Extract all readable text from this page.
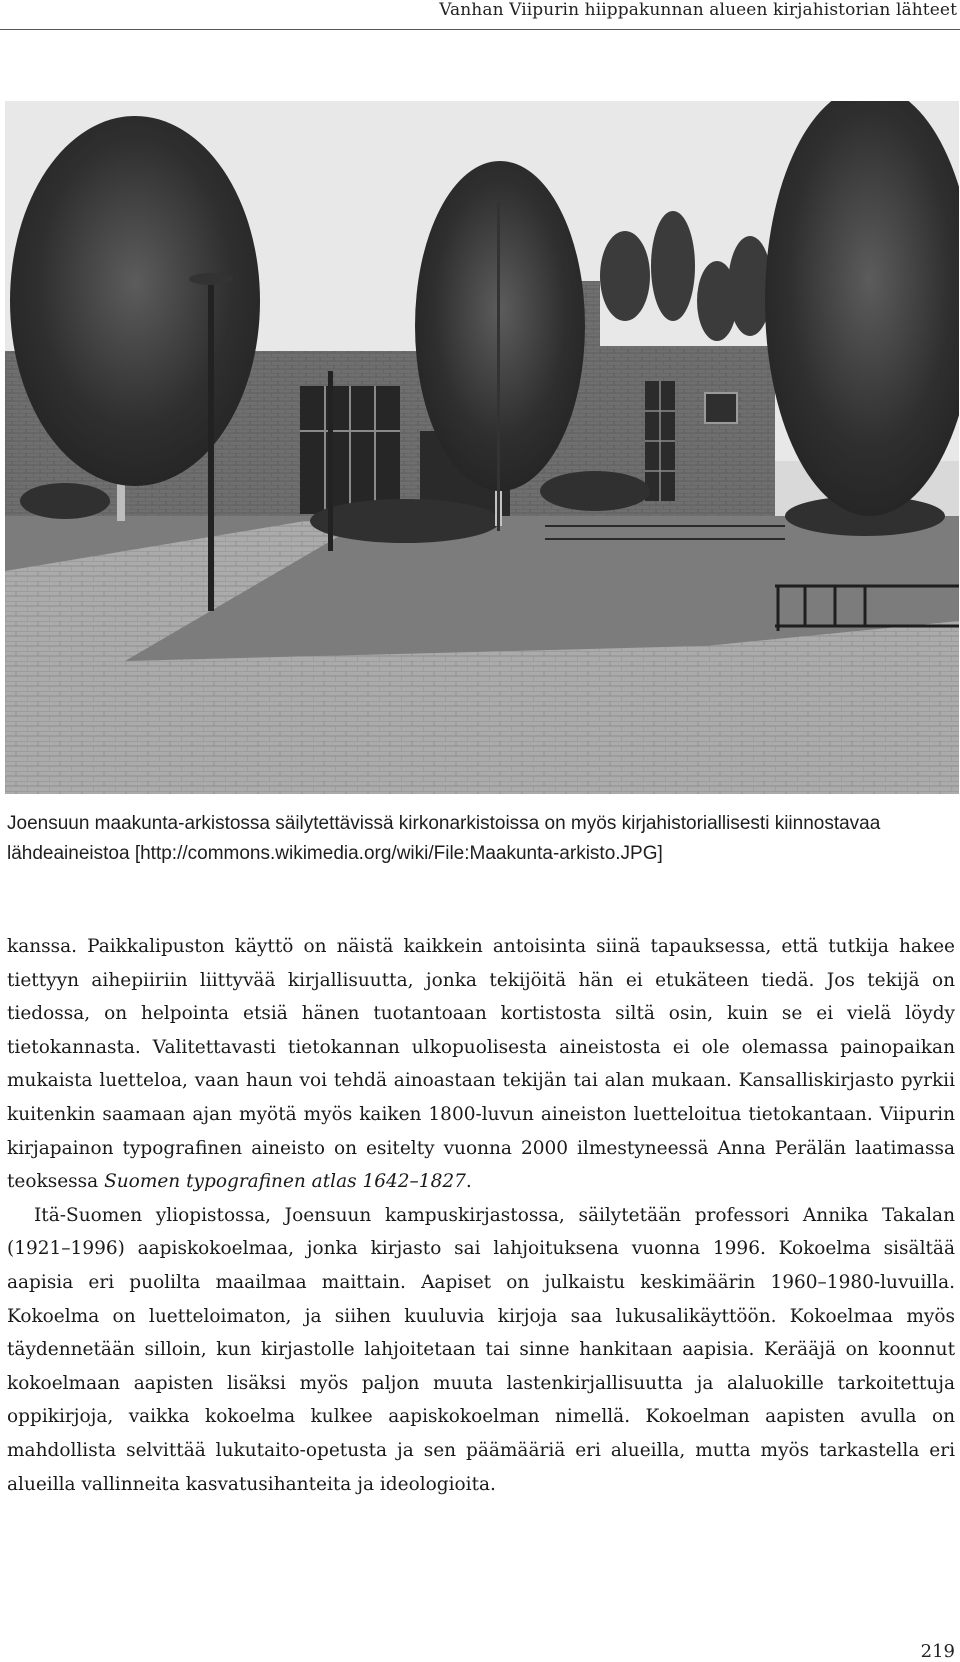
Vanhan Viipurin hiippakunnan alueen kirjahistorian lähteet

Joensuun maakunta-arkistossa säilytettävissä kirkonarkistoissa on myös kirjahistoriallisesti kiinnostavaa lähdeaineistoa [http://commons.wikimedia.org/wiki/File:Maakunta-arkisto.JPG]

kanssa. Paikkalipuston käyttö on näistä kaikkein antoisinta siinä tapauksessa, että tutkija hakee tiettyyn aihepiiriin liittyvää kirjallisuutta, jonka tekijöitä hän ei etukäteen tiedä. Jos tekijä on tiedossa, on helpointa etsiä hänen tuotantoaan kortistosta siltä osin, kuin se ei vielä löydy tietokannasta. Valitettavasti tietokannan ulkopuolisesta aineistosta ei ole olemassa painopaikan mukaista luetteloa, vaan haun voi tehdä ainoastaan tekijän tai alan mukaan. Kansalliskirjasto pyrkii kuitenkin saamaan ajan myötä myös kaiken 1800-luvun aineiston luetteloitua tietokantaan. Viipurin kirjapainon typografinen aineisto on esitelty vuonna 2000 ilmestyneessä Anna Perälän laatimassa teoksessa Suomen typografinen atlas 1642–1827.

Itä-Suomen yliopistossa, Joensuun kampuskirjastossa, säilytetään professori Annika Takalan (1921–1996) aapiskokoelmaa, jonka kirjasto sai lahjoituksena vuonna 1996. Kokoelma sisältää aapisia eri puolilta maailmaa maittain. Aapiset on julkaistu keskimäärin 1960–1980-luvuilla. Kokoelma on luetteloimaton, ja siihen kuuluvia kirjoja saa lukusalikäyttöön. Kokoelmaa myös täydennetään silloin, kun kirjastolle lahjoitetaan tai sinne hankitaan aapisia. Kerääjä on koonnut kokoelmaan aapisten lisäksi myös paljon muuta lastenkirjallisuutta ja alaluokille tarkoitettuja oppikirjoja, vaikka kokoelma kulkee aapiskokoelman nimellä. Kokoelman aapisten avulla on mahdollista selvittää lukutaito-opetusta ja sen päämääriä eri alueilla, mutta myös tarkastella eri alueilla vallinneita kasvatusihanteita ja ideologioita.

219
